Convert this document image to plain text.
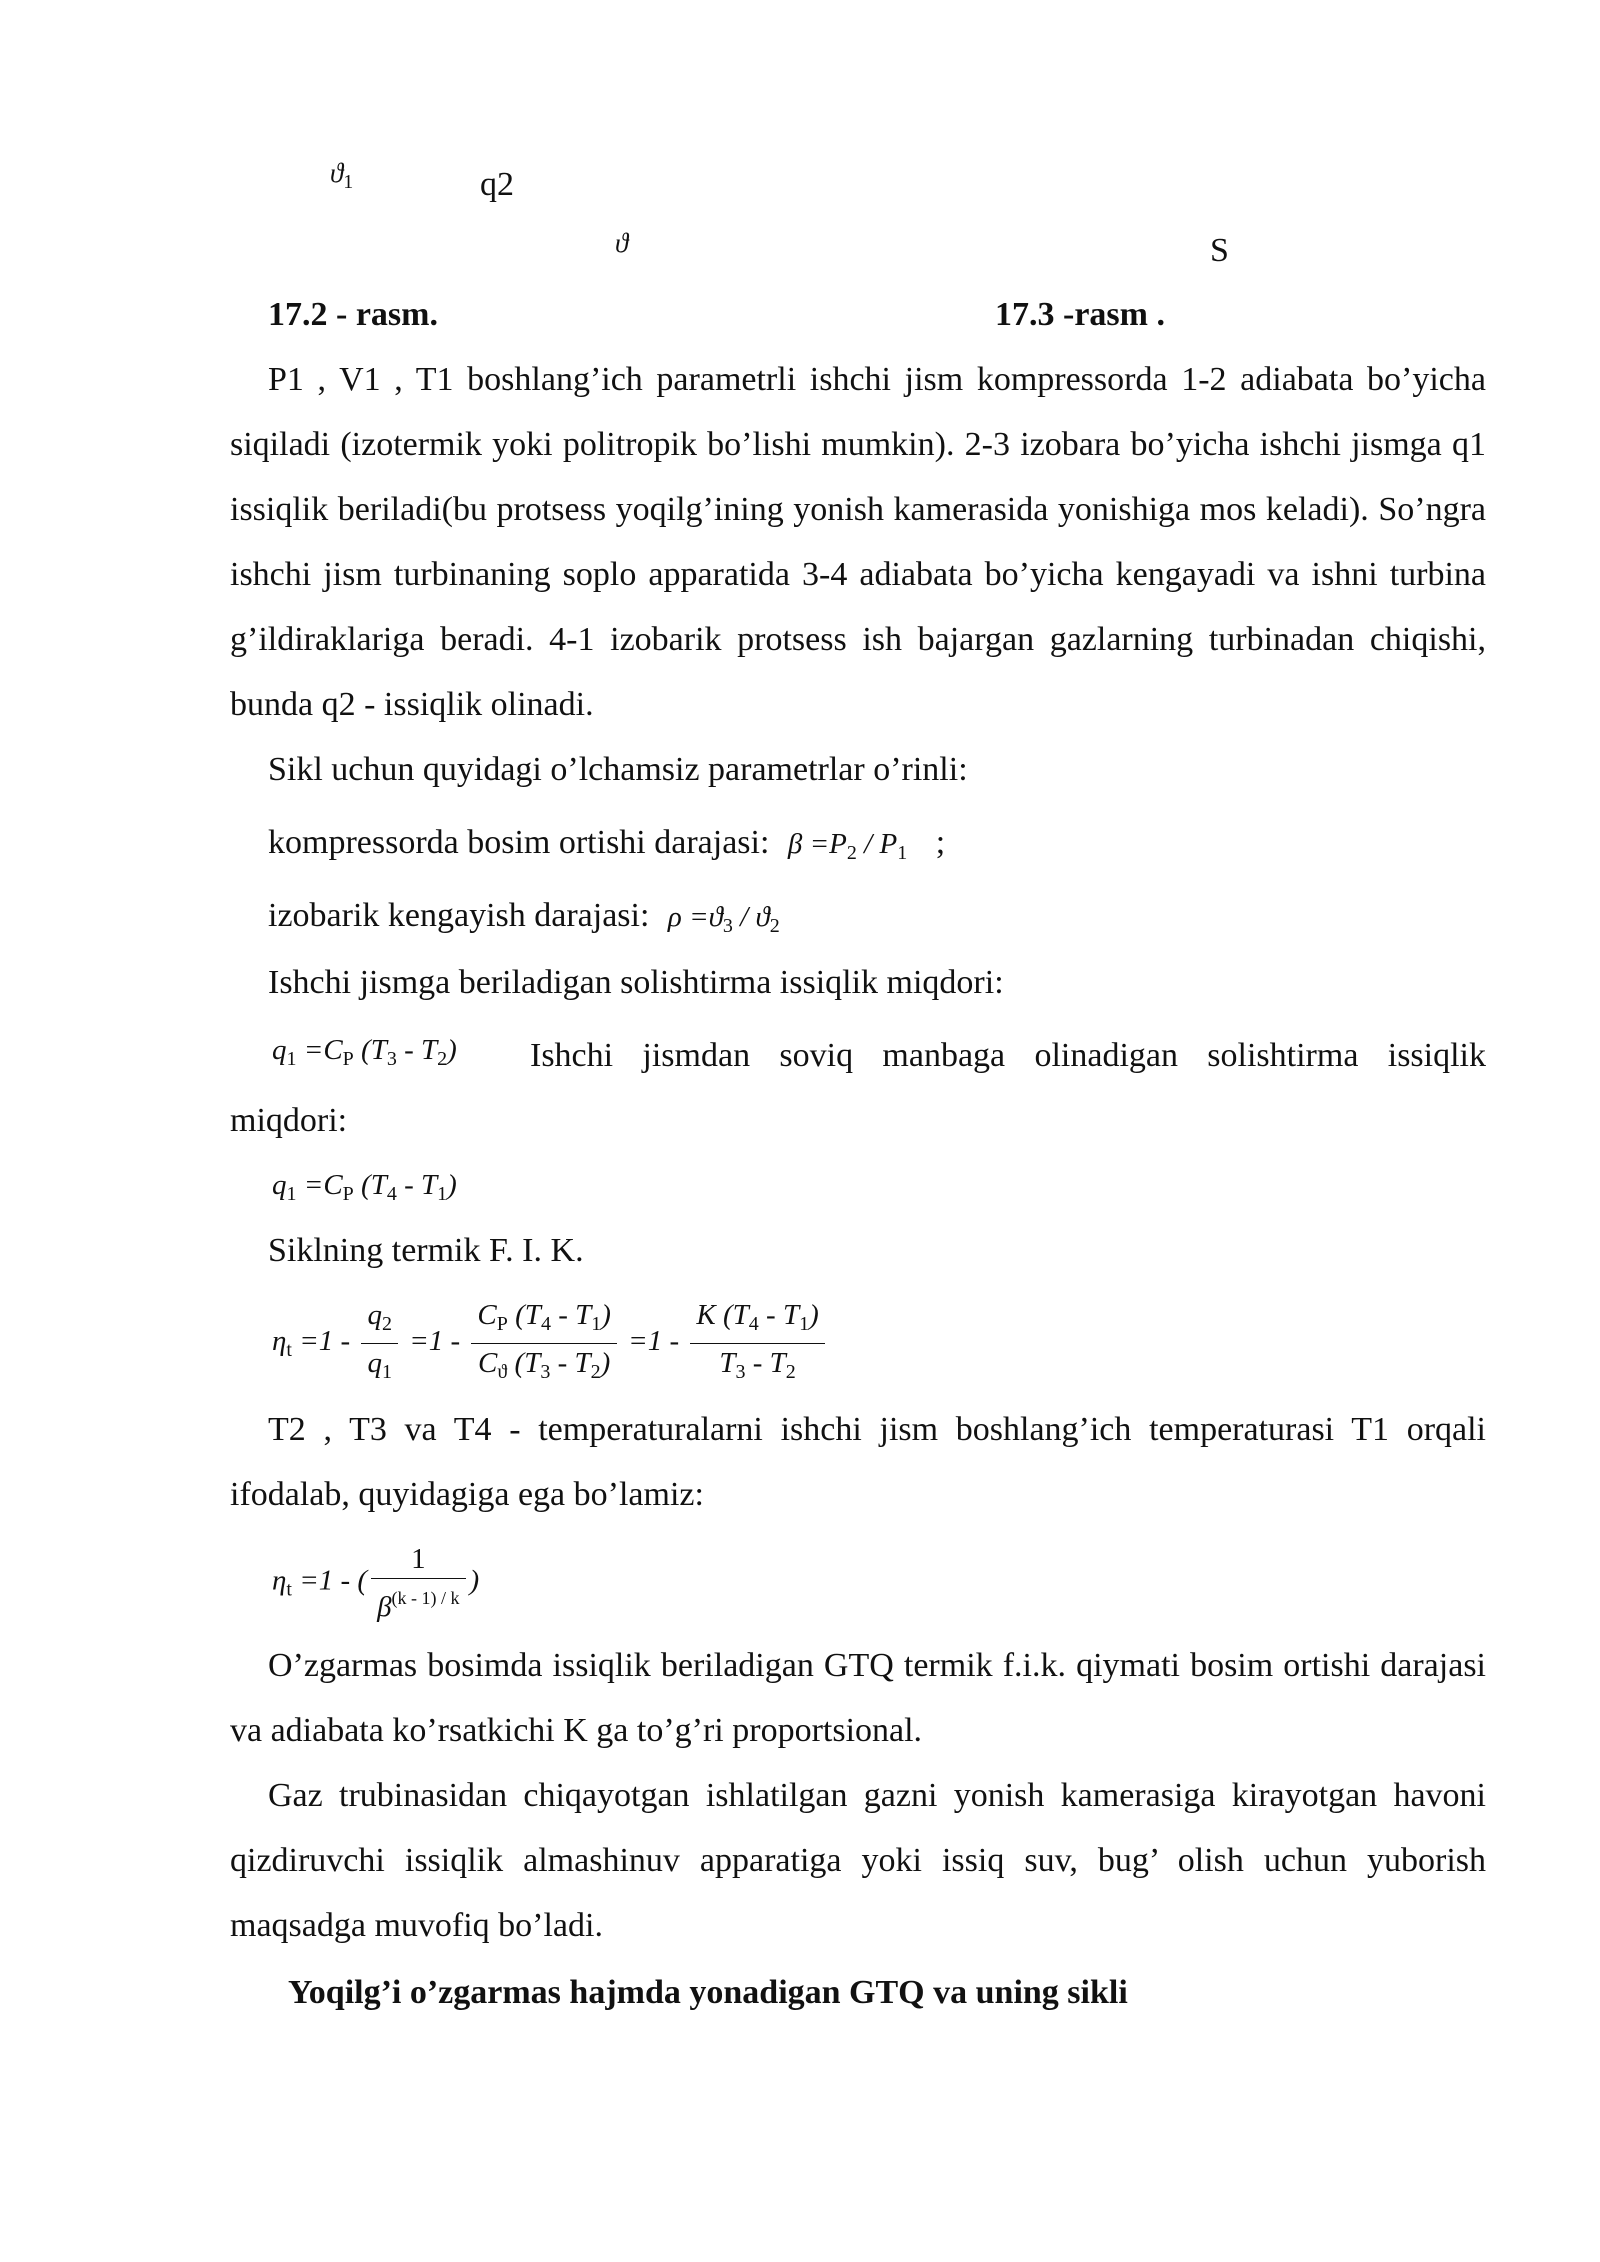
$ϑ_1$	q2
ϑ	S
17.2 - rasm.	17.3 -rasm .
P1 , V1 , T1 boshlang’ich parametrli ishchi jism kompressorda 1-2 adiabata bo’yicha siqiladi (izotermik yoki politropik bo’lishi mumkin). 2-3 izobara bo’yicha ishchi jismga q1 issiqlik beriladi(bu protsess yoqilg’ining yonish kamerasida yonishiga mos keladi). So’ngra ishchi jism turbinaning soplo apparatida 3-4 adiabata bo’yicha kengayadi va ishni turbina g’ildiraklariga beradi. 4-1 izobarik protsess ish bajargan gazlarning turbinadan chiqishi, bunda q2 - issiqlik olinadi.
Sikl uchun quyidagi o’lchamsiz parametrlar o’rinli:
kompressorda bosim ortishi darajasi: $\beta =P_2 / P_1$ ;
izobarik kengayish darajasi: $\rho =ϑ_3 / ϑ_2$
Ishchi jismga beriladigan solishtirma issiqlik miqdori:
$q_1 =C_P$ $(T_3 - T_2)$ Ishchi jismdan soviq manbaga olinadigan solishtirma issiqlik
miqdori:
$q_1 =C_P$ $(T_4 - T_1)$
Siklning termik F. I. K.
$\eta_t =1 - \frac{q_2}{q_1} =1 - \frac{C_P (T_4 - T_1)}{C_ϑ (T_3 - T_2)} =1 - \frac{K (T_4 - T_1)}{T_3 - T_2}$
T2 , T3 va T4 - temperaturalarni ishchi jism boshlang’ich temperaturasi T1 orqali ifodalab, quyidagiga ega bo’lamiz:
$\eta_t =1$ - ( $\frac{1}{\beta^{(k - 1) / k}}$ )
O’zgarmas bosimda issiqlik beriladigan GTQ termik f.i.k. qiymati bosim ortishi darajasi va adiabata ko’rsatkichi K ga to’g’ri proportsional.
Gaz trubinasidan chiqayotgan ishlatilgan gazni yonish kamerasiga kirayotgan havoni qizdiruvchi issiqlik almashinuv apparatiga yoki issiq suv, bug’ olish uchun yuborish maqsadga muvofiq bo’ladi.
Yoqilg’i o’zgarmas hajmda yonadigan GTQ va uning sikli
